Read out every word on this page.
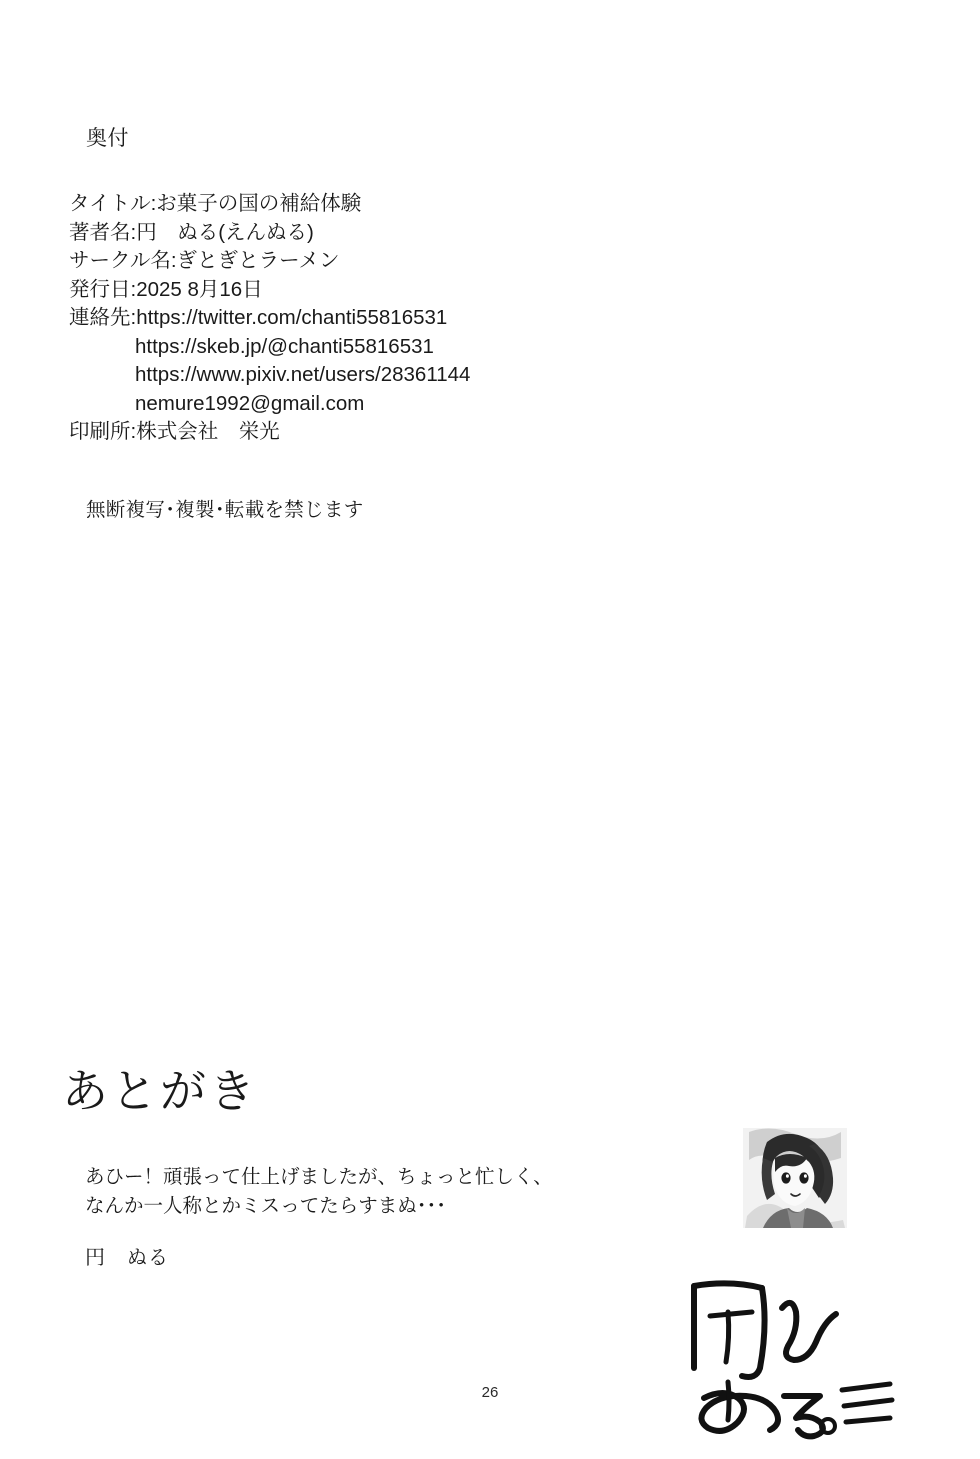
奥付
タイトル:お菓子の国の補給体験
著者名:円　ぬる(えんぬる)
サークル名:ぎとぎとラーメン
発行日:2025 8月16日
連絡先:https://twitter.com/chanti55816531
https://skeb.jp/@chanti55816531
https://www.pixiv.net/users/28361144
nemure1992@gmail.com
印刷所:株式会社　栄光
無断複写･複製･転載を禁じます
あとがき
あひー！頑張って仕上げましたが、ちょっと忙しく、
なんか一人称とかミスってたらすまぬ･･･
円　ぬる
26
